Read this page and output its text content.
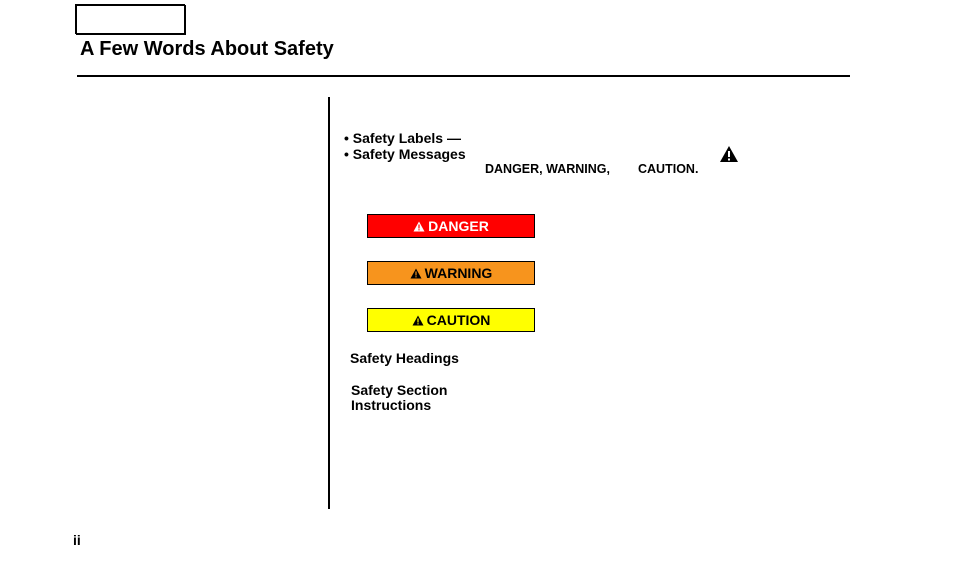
A Few Words About Safety
• Safety Labels —
• Safety Messages
DANGER, WARNING, CAUTION.
DANGER
WARNING
CAUTION
Safety Headings
Safety Section
Instructions
ii
